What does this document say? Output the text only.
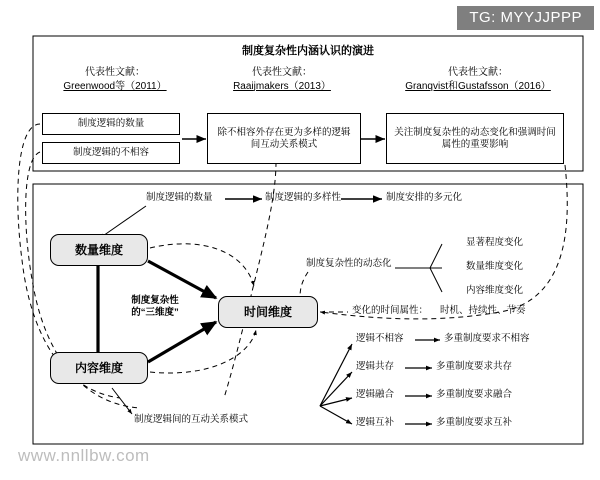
制度复杂性内涵认识的演进
代表性文献：
Greenwood等（2011）
代表性文献：
Raaijmakers（2013）
代表性文献：
Granqvist和Gustafsson（2016）
制度逻辑的数量
制度逻辑的不相容
除不相容外存在更为多样的逻辑间互动关系模式
关注制度复杂性的动态变化和强调时间属性的重要影响
制度逻辑的数量	制度逻辑的多样性	制度安排的多元化
数量维度
内容维度
时间维度
制度复杂性
的“三维度”
制度复杂性的动态化
显著程度变化
数量维度变化
内容维度变化
变化的时间属性： 时机、持续性、节奏
制度逻辑间的互动关系模式
逻辑不相容	多重制度要求不相容
逻辑共存	多重制度要求共存
逻辑融合	多重制度要求融合
逻辑互补	多重制度要求互补
TG: MYYJJPPP
www.nnllbw.com
